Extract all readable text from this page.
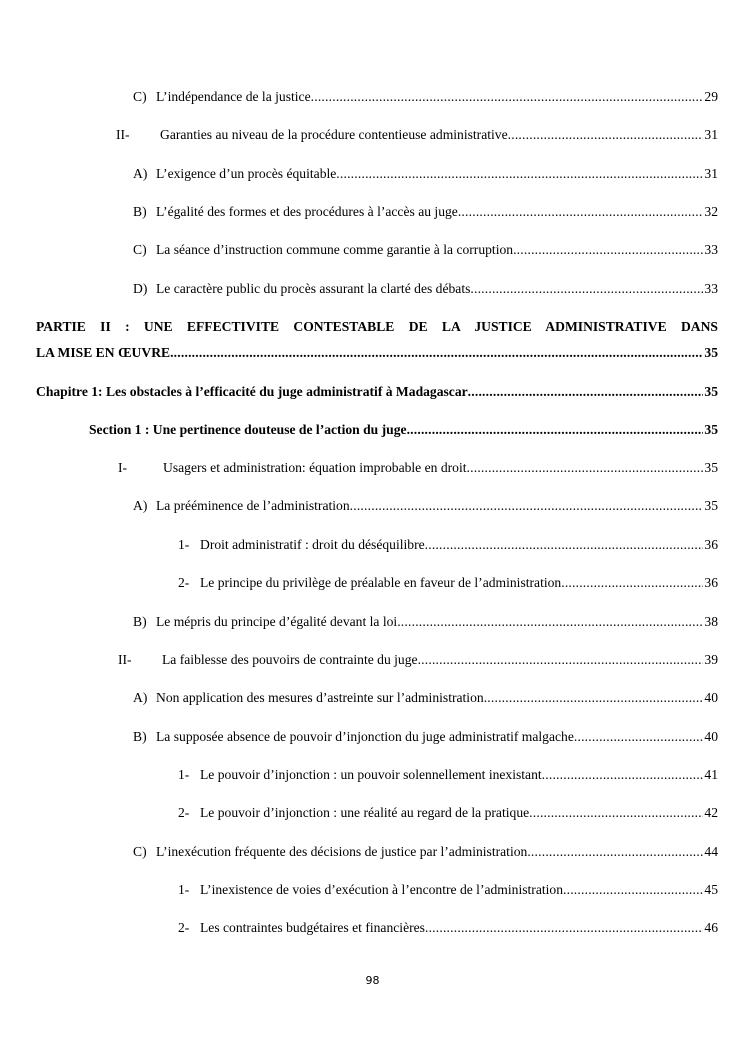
C) L’indépendance de la justice . . .	29
II-	Garanties au niveau de la procédure contentieuse administrative . . .	31
A) L’exigence d’un procès équitable . . .	31
B) L’égalité des formes et des procédures à l’accès au juge . . .	32
C) La séance d’instruction commune comme garantie à la corruption . . .	33
D) Le caractère public du procès assurant la clarté des débats . . .	33
PARTIE II : UNE EFFECTIVITE CONTESTABLE DE LA JUSTICE ADMINISTRATIVE DANS
LA MISE EN ŒUVRE . . .	35
Chapitre 1: Les obstacles à l’efficacité du juge administratif à Madagascar . . .	35
Section 1 : Une pertinence douteuse de l’action du juge . . .	35
I-	Usagers et administration: équation improbable en droit . . .	35
A) La prééminence de l’administration . . .	35
1- Droit administratif : droit du déséquilibre . . .	36
2- Le principe du privilège de préalable en faveur de l’administration . . .	36
B) Le mépris du principe d’égalité devant la loi . . .	38
II-	La faiblesse des pouvoirs de contrainte du juge . . .	39
A) Non application des mesures d’astreinte sur l’administration . . .	40
B) La supposée absence de pouvoir d’injonction du juge administratif malgache . . .	40
1- Le pouvoir d’injonction : un pouvoir solennellement inexistant . . .	41
2- Le pouvoir d’injonction : une réalité au regard de la pratique . . .	42
C) L’inexécution fréquente des décisions de justice par l’administration . . .	44
1- L’inexistence de voies d’exécution à l’encontre de l’administration . . .	45
2- Les contraintes budgétaires et financières . . .	46
98
